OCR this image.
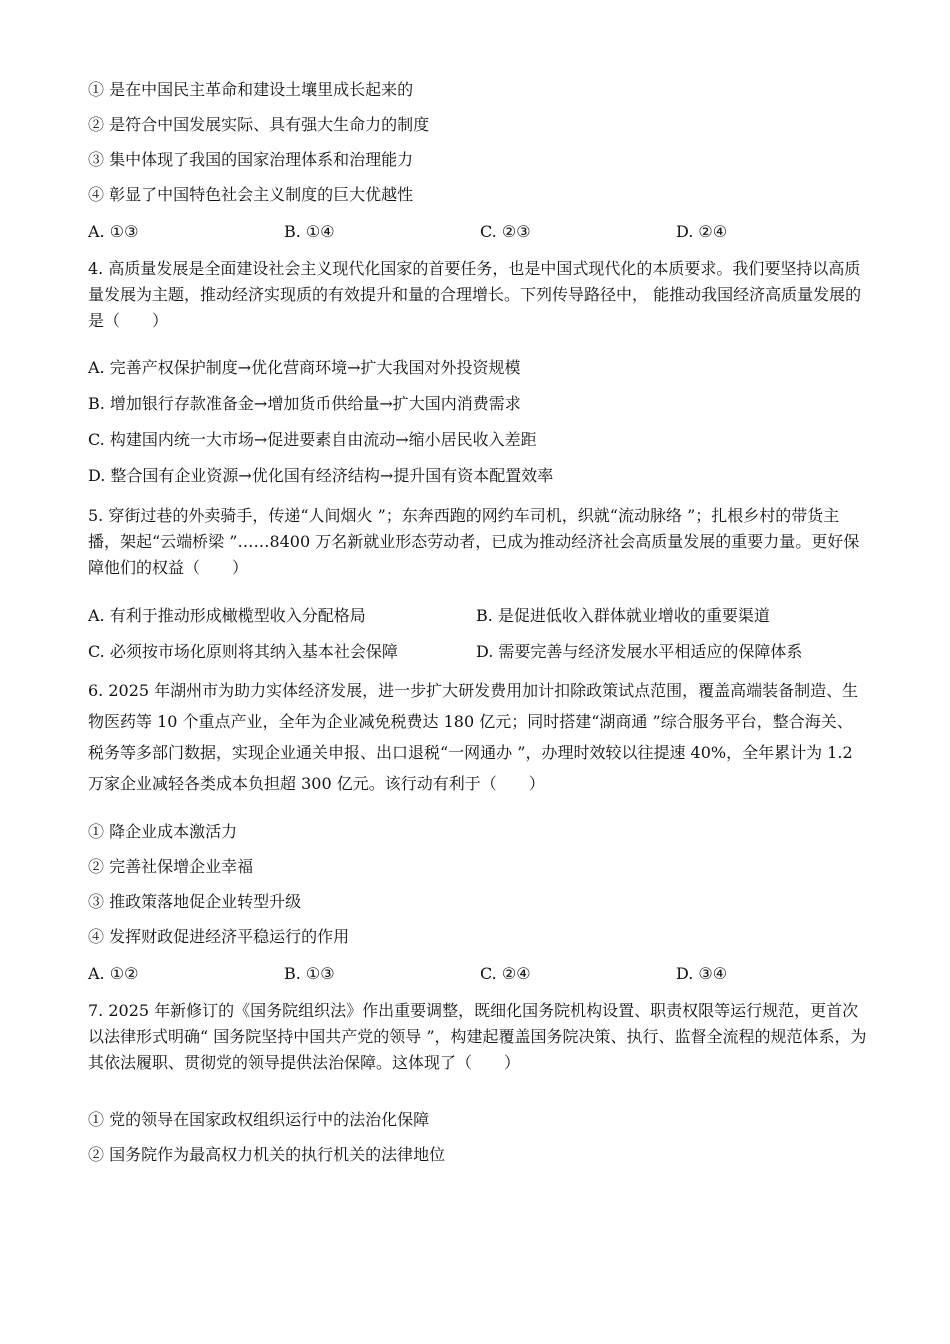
① 是在中国民主革命和建设土壤里成长起来的
② 是符合中国发展实际、具有强大生命力的制度
③ 集中体现了我国的国家治理体系和治理能力
④ 彰显了中国特色社会主义制度的巨大优越性
A. ①③	B. ①④	C. ②③	D. ②④
4. 高质量发展是全面建设社会主义现代化国家的首要任务，也是中国式现代化的本质要求。我们要坚持以高质量发展为主题，推动经济实现质的有效提升和量的合理增长。下列传导路径中， 能推动我国经济高质量发展的是（　　）
A. 完善产权保护制度→优化营商环境→扩大我国对外投资规模
B. 增加银行存款准备金→增加货币供给量→扩大国内消费需求
C. 构建国内统一大市场→促进要素自由流动→缩小居民收入差距
D. 整合国有企业资源→优化国有经济结构→提升国有资本配置效率
5. 穿街过巷的外卖骑手，传递“人间烟火 ”；东奔西跑的网约车司机，织就“流动脉络 ”；扎根乡村的带货主播，架起“云端桥梁 ”……8400 万名新就业形态劳动者，已成为推动经济社会高质量发展的重要力量。更好保障他们的权益（　　）
A. 有利于推动形成橄榄型收入分配格局	B. 是促进低收入群体就业增收的重要渠道
C. 必须按市场化原则将其纳入基本社会保障	D. 需要完善与经济发展水平相适应的保障体系
6. 2025 年湖州市为助力实体经济发展，进一步扩大研发费用加计扣除政策试点范围，覆盖高端装备制造、生物医药等 10 个重点产业，全年为企业减免税费达 180 亿元；同时搭建“湖商通 ”综合服务平台，整合海关、税务等多部门数据，实现企业通关申报、出口退税“一网通办 ”，办理时效较以往提速 40%，全年累计为 1.2 万家企业减轻各类成本负担超 300 亿元。该行动有利于（　　）
① 降企业成本激活力
② 完善社保增企业幸福
③ 推政策落地促企业转型升级
④ 发挥财政促进经济平稳运行的作用
A. ①②	B. ①③	C. ②④	D. ③④
7. 2025 年新修订的《国务院组织法》作出重要调整，既细化国务院机构设置、职责权限等运行规范，更首次以法律形式明确“ 国务院坚持中国共产党的领导 ”，构建起覆盖国务院决策、执行、监督全流程的规范体系，为其依法履职、贯彻党的领导提供法治保障。这体现了（　　）
① 党的领导在国家政权组织运行中的法治化保障
② 国务院作为最高权力机关的执行机关的法律地位
